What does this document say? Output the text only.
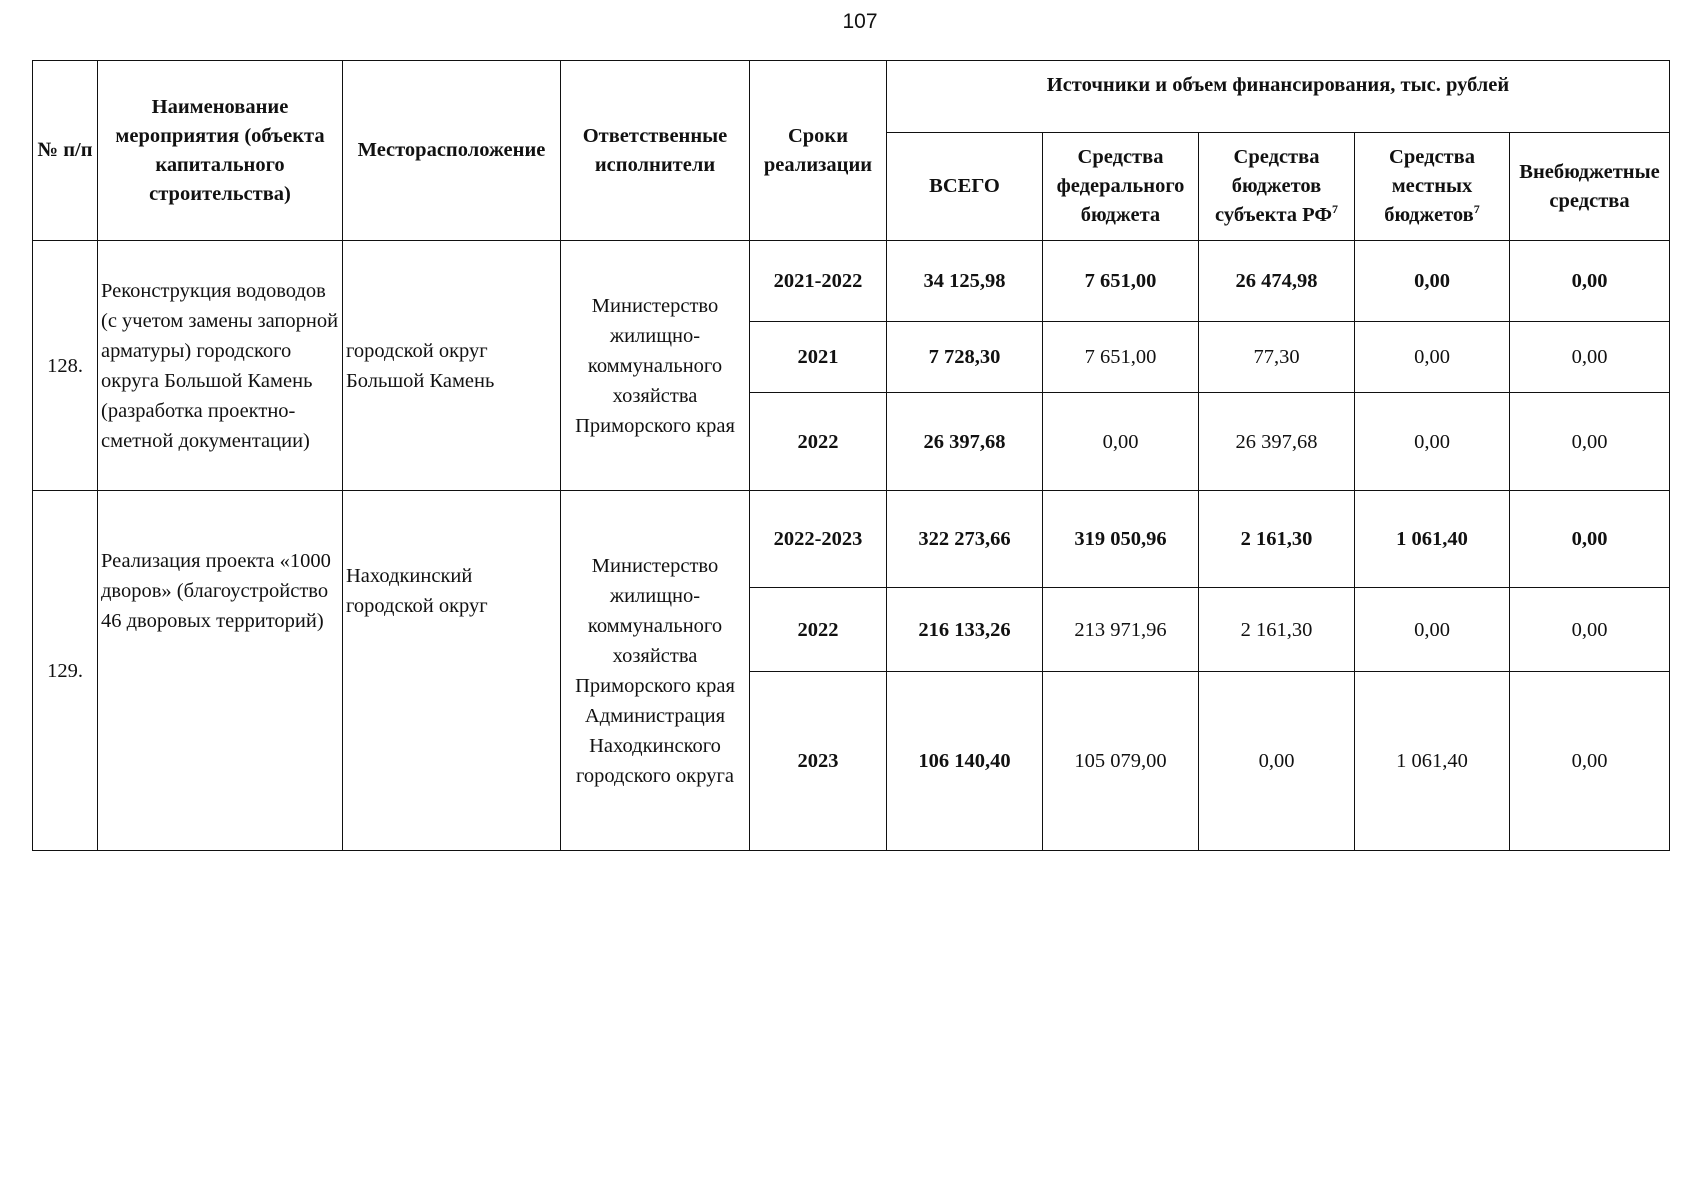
107
№ п/п	Наименование мероприятия (объекта капитального строительства)	Месторасположение	Ответственные исполнители	Сроки реализации	Источники и объем финансирования, тыс. рублей				
					ВСЕГО	Средства федерального бюджета	Средства бюджетов субъекта $РФ^7$	Средства местных бюджетов$^7$	Внебюджетные средства
128.	Реконструкция водоводов (с учетом замены запорной арматуры) городского округа Большой Камень (разработка проектно-сметной документации)	городской округ Большой Камень	Министерство жилищно-коммунального хозяйства Приморского края	2021-2022	34 125,98	7 651,00	26 474,98	0,00	0,00
				2021	7 728,30	7 651,00	77,30	0,00	0,00
				2022	26 397,68	0,00	26 397,68	0,00	0,00
129.	Реализация проекта «1000 дворов» (благоустройство 46 дворовых территорий)	Находкинский городской округ	Министерство жилищно-коммунального хозяйства Приморского края Администрация Находкинского городского округа	2022-2023	322 273,66	319 050,96	2 161,30	1 061,40	0,00
				2022	216 133,26	213 971,96	2 161,30	0,00	0,00
				2023	106 140,40	105 079,00	0,00	1 061,40	0,00
